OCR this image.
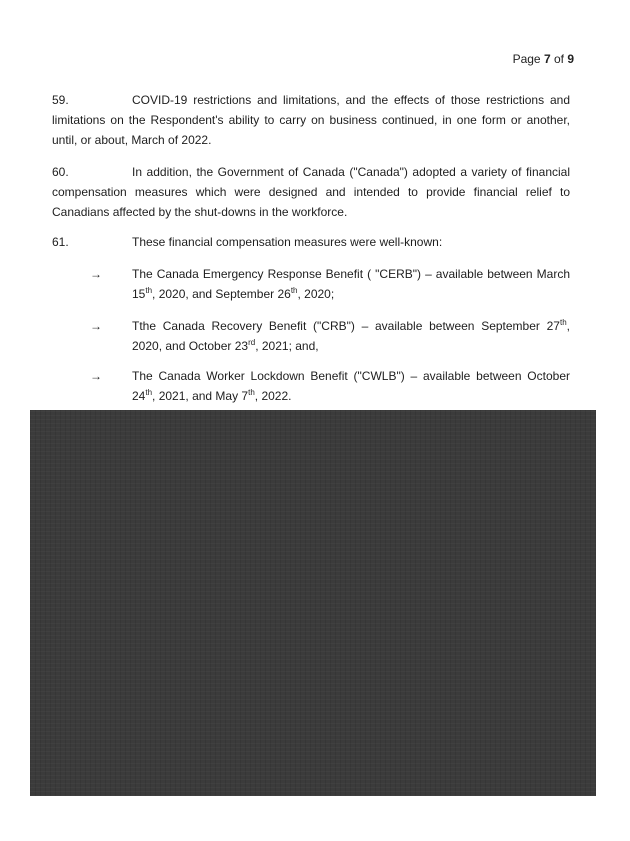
Page 7 of 9
59.	COVID-19 restrictions and limitations, and the effects of those restrictions and limitations on the Respondent's ability to carry on business continued, in one form or another, until, or about, March of 2022.
60.	In addition, the Government of Canada ("Canada") adopted a variety of financial compensation measures which were designed and intended to provide financial relief to Canadians affected by the shut-downs in the workforce.
61.	These financial compensation measures were well-known:
→	The Canada Emergency Response Benefit ( "CERB") – available between March 15th, 2020, and September 26th, 2020;
→	Tthe Canada Recovery Benefit ("CRB") – available between September 27th, 2020, and October 23rd, 2021; and,
→	The Canada Worker Lockdown Benefit ("CWLB") – available between October 24th, 2021, and May 7th, 2022.
